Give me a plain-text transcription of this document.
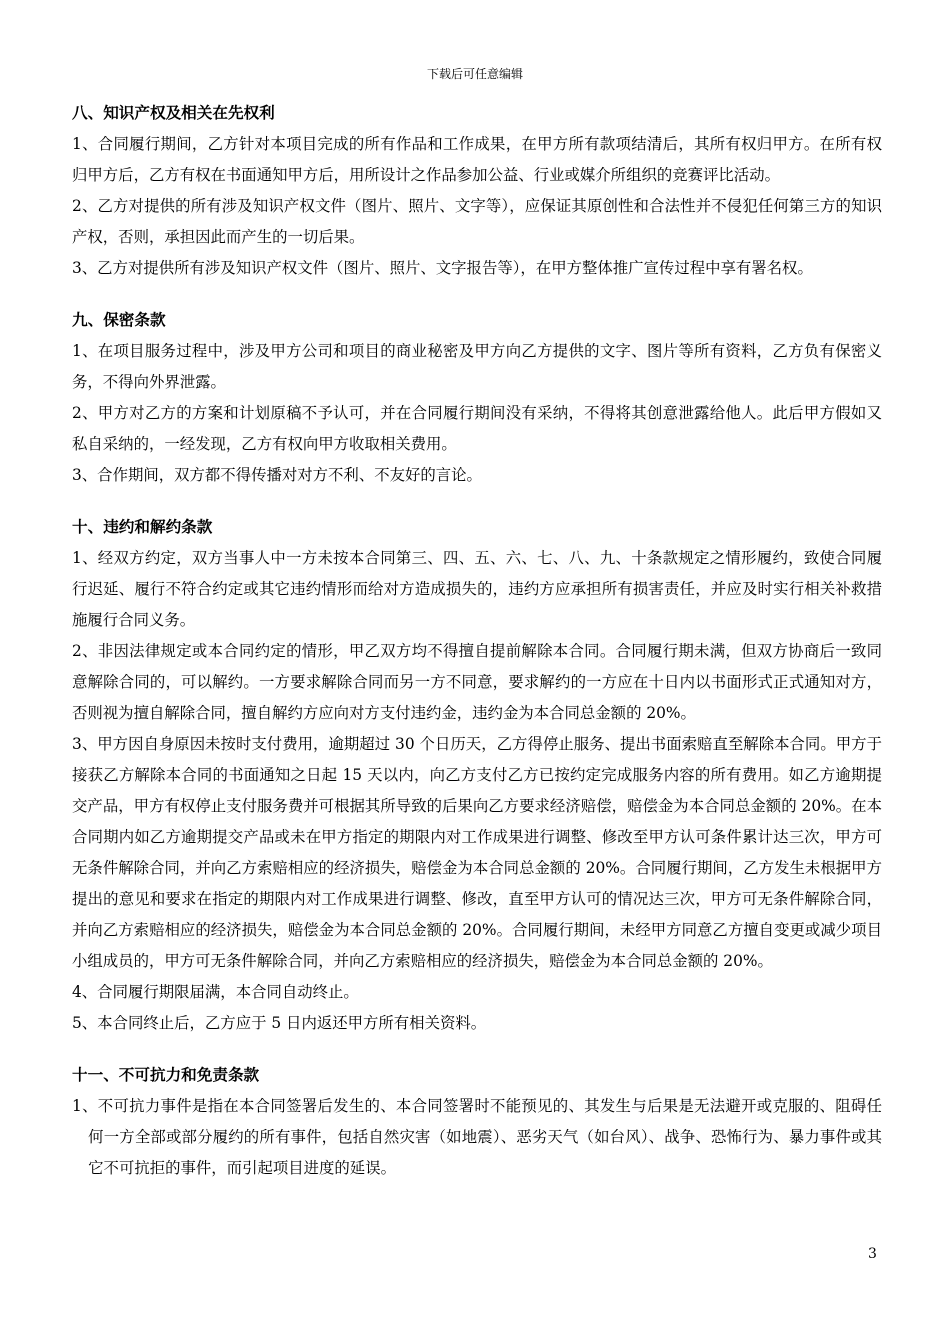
下载后可任意编辑

八、知识产权及相关在先权利

1、合同履行期间，乙方针对本项目完成的所有作品和工作成果，在甲方所有款项结清后，其所有权归甲方。在所有权归甲方后，乙方有权在书面通知甲方后，用所设计之作品参加公益、行业或媒介所组织的竞赛评比活动。

2、乙方对提供的所有涉及知识产权文件（图片、照片、文字等），应保证其原创性和合法性并不侵犯任何第三方的知识产权，否则，承担因此而产生的一切后果。

3、乙方对提供所有涉及知识产权文件（图片、照片、文字报告等），在甲方整体推广宣传过程中享有署名权。

九、保密条款

1、在项目服务过程中，涉及甲方公司和项目的商业秘密及甲方向乙方提供的文字、图片等所有资料，乙方负有保密义务，不得向外界泄露。

2、甲方对乙方的方案和计划原稿不予认可，并在合同履行期间没有采纳，不得将其创意泄露给他人。此后甲方假如又私自采纳的，一经发现，乙方有权向甲方收取相关费用。

3、合作期间，双方都不得传播对对方不利、不友好的言论。

十、违约和解约条款

1、经双方约定，双方当事人中一方未按本合同第三、四、五、六、七、八、九、十条款规定之情形履约，致使合同履行迟延、履行不符合约定或其它违约情形而给对方造成损失的，违约方应承担所有损害责任，并应及时实行相关补救措施履行合同义务。

2、非因法律规定或本合同约定的情形，甲乙双方均不得擅自提前解除本合同。合同履行期未满，但双方协商后一致同意解除合同的，可以解约。一方要求解除合同而另一方不同意，要求解约的一方应在十日内以书面形式正式通知对方，否则视为擅自解除合同，擅自解约方应向对方支付违约金，违约金为本合同总金额的 20%。

3、甲方因自身原因未按时支付费用，逾期超过 30 个日历天，乙方得停止服务、提出书面索赔直至解除本合同。甲方于接获乙方解除本合同的书面通知之日起 15 天以内，向乙方支付乙方已按约定完成服务内容的所有费用。如乙方逾期提交产品，甲方有权停止支付服务费并可根据其所导致的后果向乙方要求经济赔偿，赔偿金为本合同总金额的 20%。在本合同期内如乙方逾期提交产品或未在甲方指定的期限内对工作成果进行调整、修改至甲方认可条件累计达三次，甲方可无条件解除合同，并向乙方索赔相应的经济损失，赔偿金为本合同总金额的 20%。合同履行期间，乙方发生未根据甲方提出的意见和要求在指定的期限内对工作成果进行调整、修改，直至甲方认可的情况达三次，甲方可无条件解除合同，并向乙方索赔相应的经济损失，赔偿金为本合同总金额的 20%。合同履行期间，未经甲方同意乙方擅自变更或减少项目小组成员的，甲方可无条件解除合同，并向乙方索赔相应的经济损失，赔偿金为本合同总金额的 20%。

4、合同履行期限届满，本合同自动终止。

5、本合同终止后，乙方应于 5 日内返还甲方所有相关资料。

十一、不可抗力和免责条款

1、不可抗力事件是指在本合同签署后发生的、本合同签署时不能预见的、其发生与后果是无法避开或克服的、阻碍任何一方全部或部分履约的所有事件，包括自然灾害（如地震）、恶劣天气（如台风）、战争、恐怖行为、暴力事件或其它不可抗拒的事件，而引起项目进度的延误。

3
